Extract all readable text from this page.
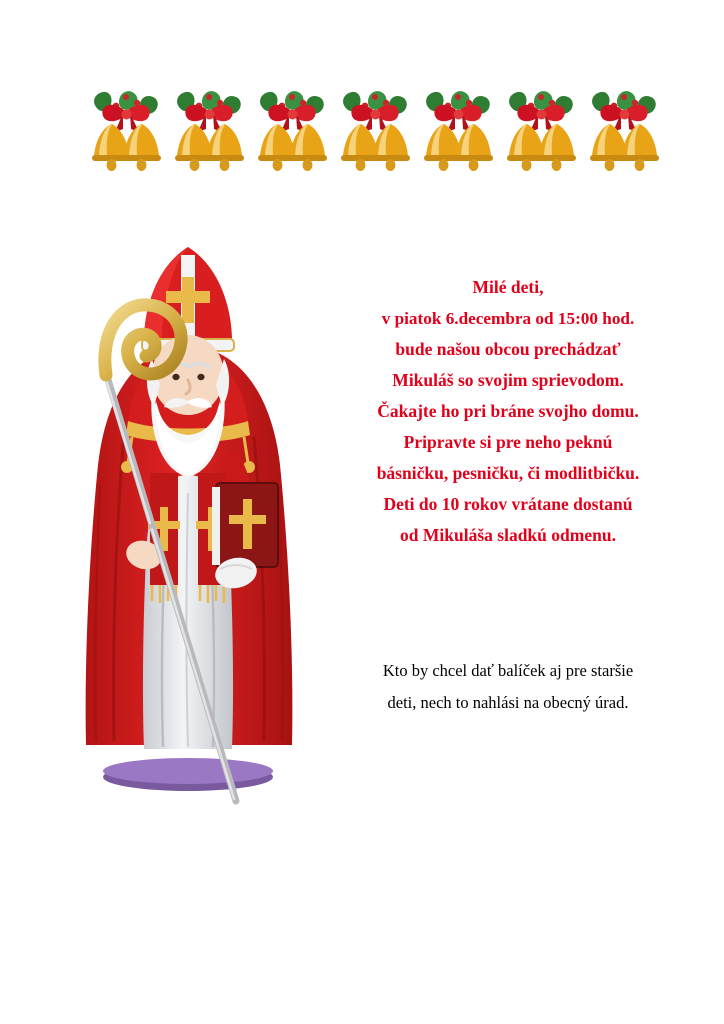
Milé deti,
v piatok 6.decembra od 15:00 hod.
bude našou obcou prechádzať
Mikuláš so svojim sprievodom.
Čakajte ho pri bráne svojho domu.
Pripravte si pre neho peknú
básničku, pesničku, či modlitbičku.
Deti do 10 rokov vrátane dostanú
od Mikuláša sladkú odmenu.
Kto by chcel dať balíček aj pre staršie
deti, nech to nahlási na obecný úrad.
